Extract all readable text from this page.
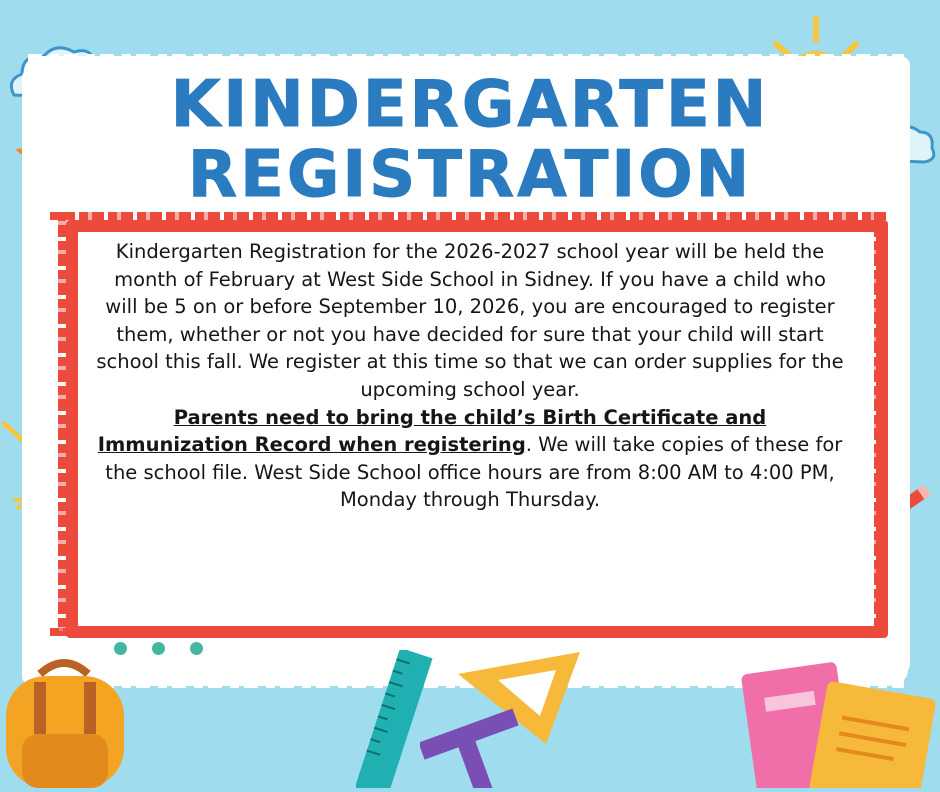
KINDERGARTEN
REGISTRATION
Kindergarten Registration for the 2026-2027 school year will be held the month of February at West Side School in Sidney. If you have a child who will be 5 on or before September 10, 2026, you are encouraged to register them, whether or not you have decided for sure that your child will start school this fall. We register at this time so that we can order supplies for the upcoming school year.
Parents need to bring the child’s Birth Certificate and Immunization Record when registering. We will take copies of these for the school file. West Side School office hours are from 8:00 AM to 4:00 PM, Monday through Thursday.
